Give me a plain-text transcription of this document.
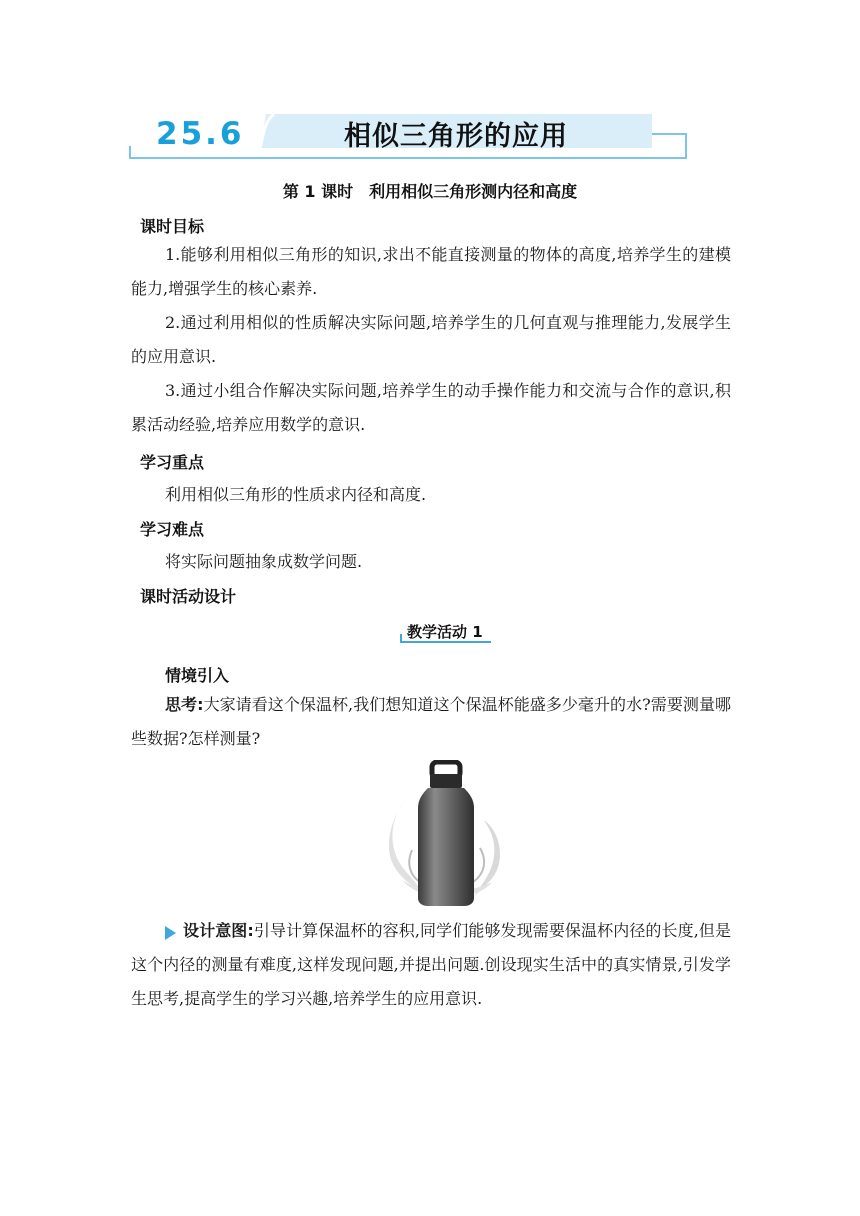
25.6	相似三角形的应用
第 1 课时　利用相似三角形测内径和高度
课时目标

1.能够利用相似三角形的知识,求出不能直接测量的物体的高度,培养学生的建模能力,增强学生的核心素养.

2.通过利用相似的性质解决实际问题,培养学生的几何直观与推理能力,发展学生的应用意识.

3.通过小组合作解决实际问题,培养学生的动手操作能力和交流与合作的意识,积累活动经验,培养应用数学的意识.

学习重点
利用相似三角形的性质求内径和高度.
学习难点
将实际问题抽象成数学问题.
课时活动设计
教学活动 1
情境引入

思考:大家请看这个保温杯,我们想知道这个保温杯能盛多少毫升的水?需要测量哪些数据?怎样测量?

设计意图:引导计算保温杯的容积,同学们能够发现需要保温杯内径的长度,但是这个内径的测量有难度,这样发现问题,并提出问题.创设现实生活中的真实情景,引发学生思考,提高学生的学习兴趣,培养学生的应用意识.
